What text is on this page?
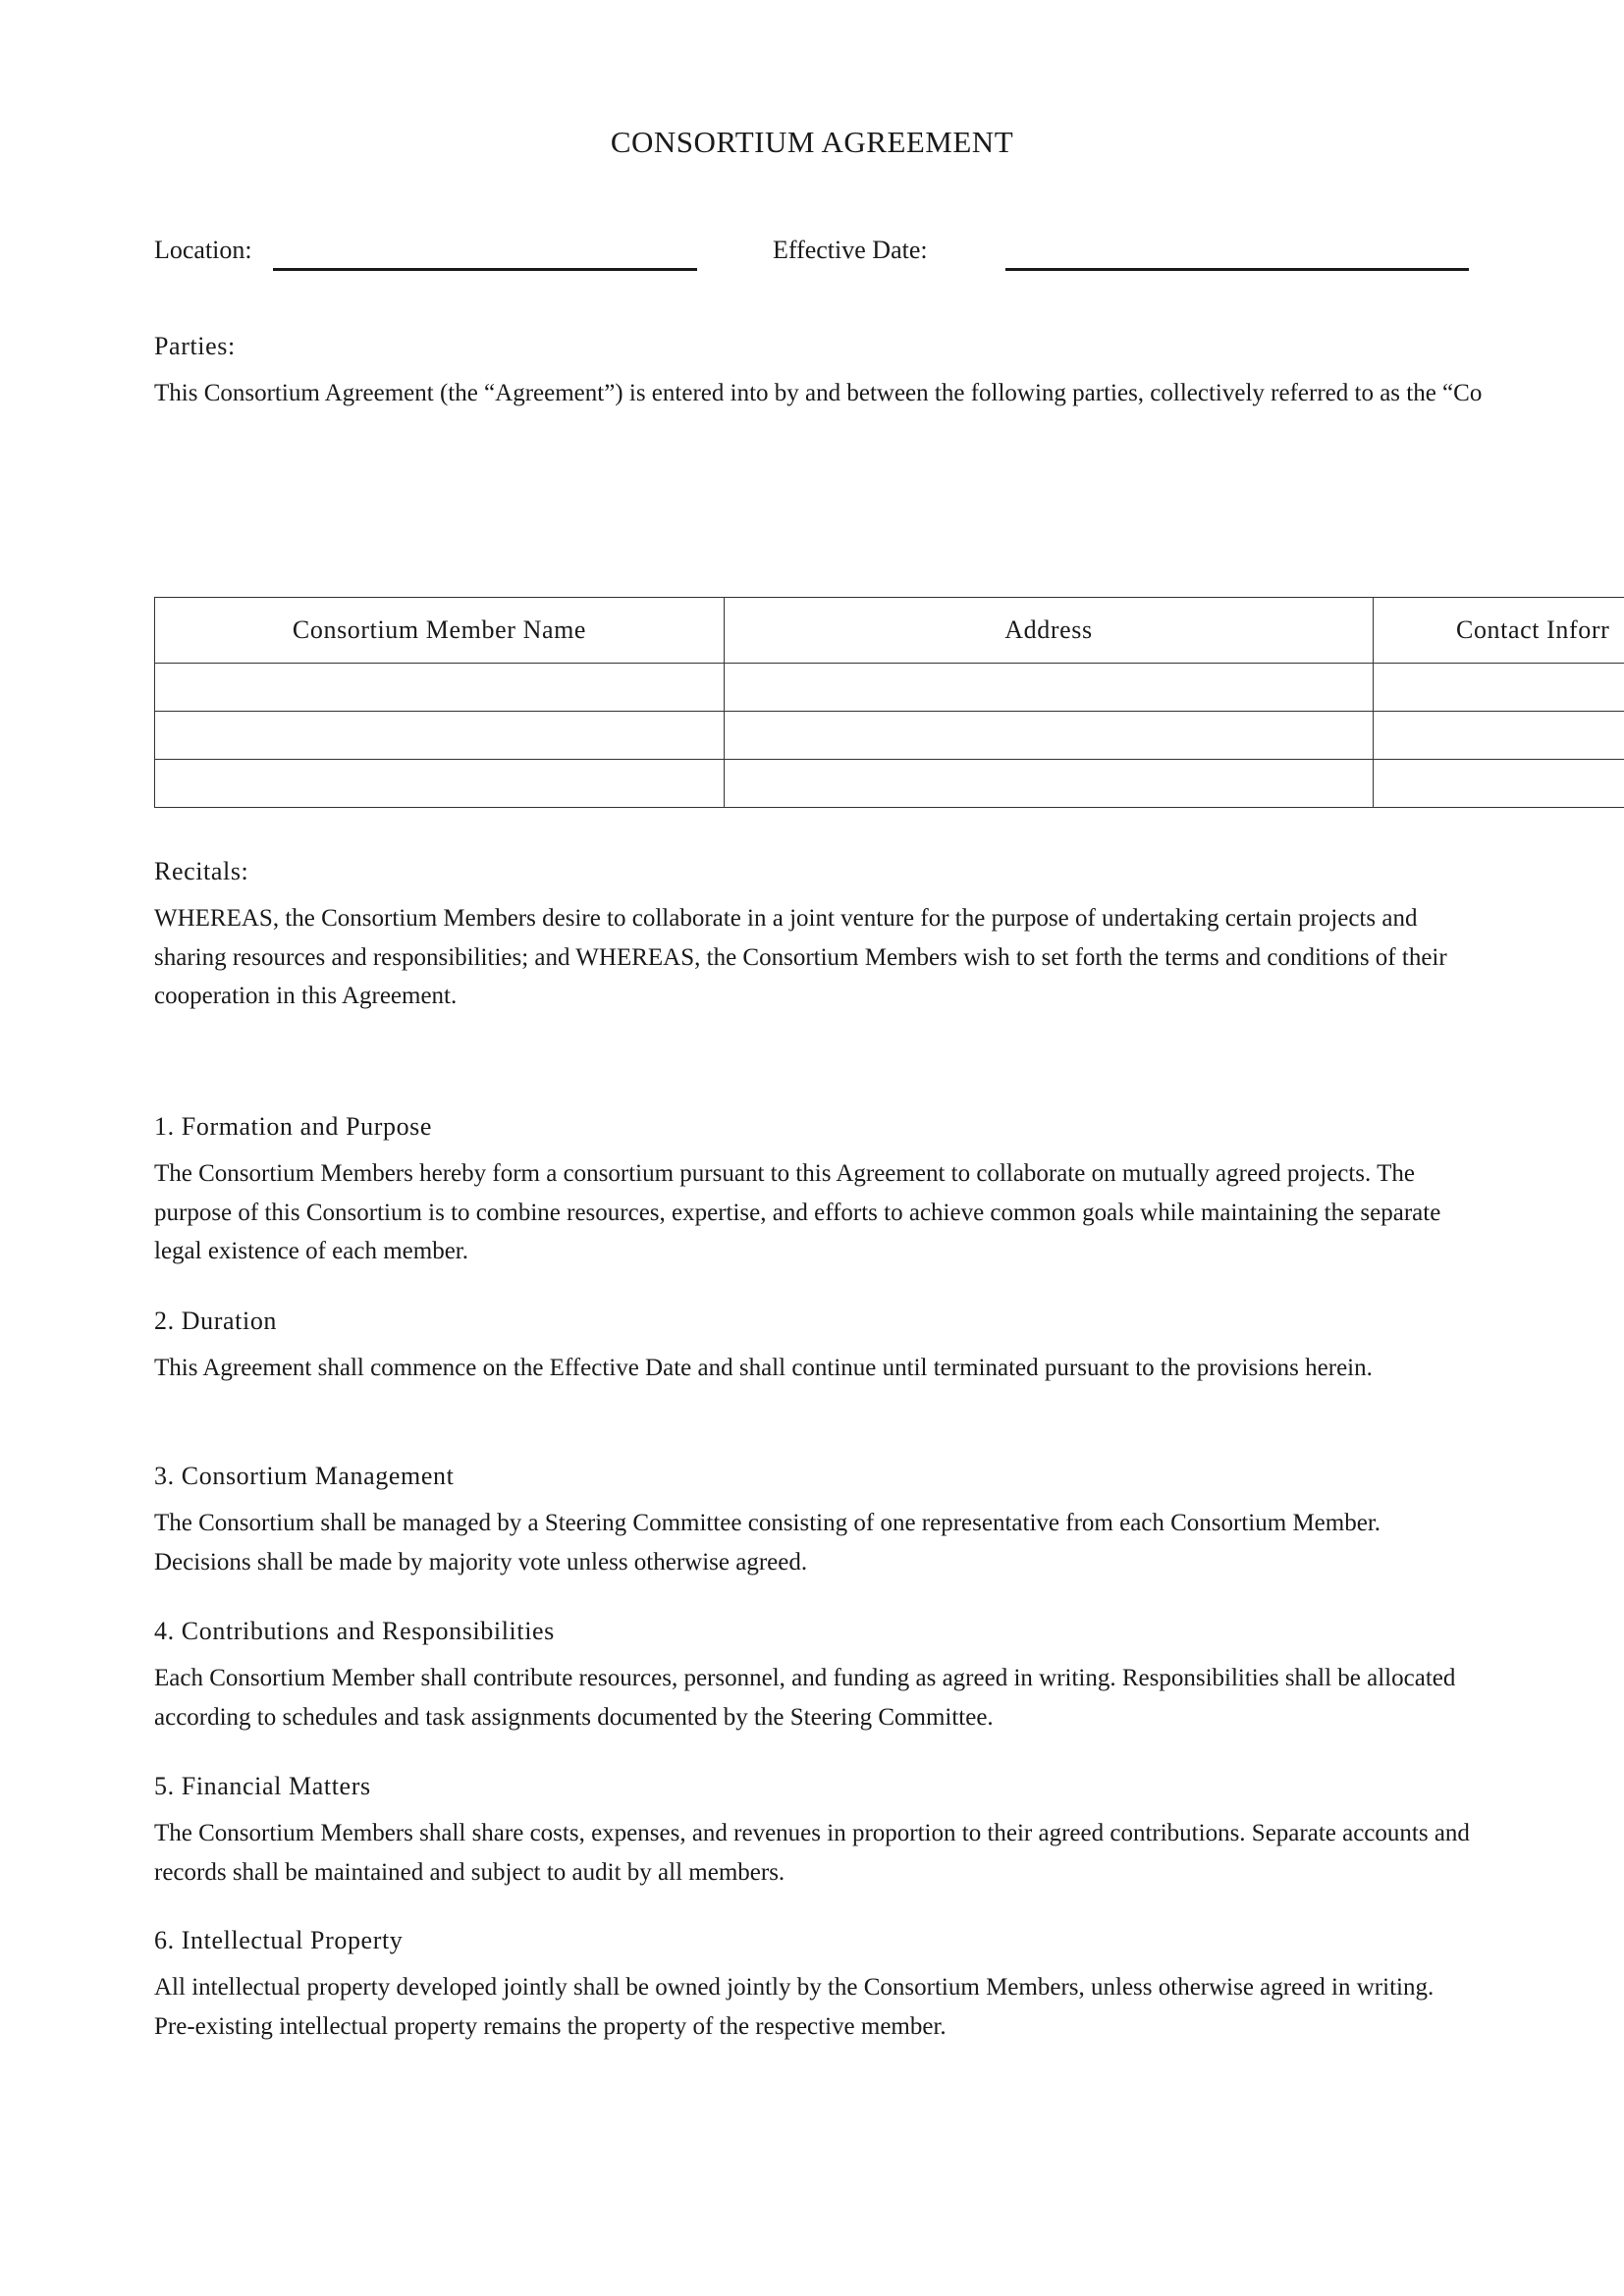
CONSORTIUM AGREEMENT
Location:	Effective Date:
Parties:

This Consortium Agreement (the “Agreement”) is entered into by and between the following parties, collectively referred to as the “Co

Consortium Member Name	Address	Contact Inforr

Recitals:

WHEREAS, the Consortium Members desire to collaborate in a joint venture for the purpose of undertaking certain projects and sharing resources and responsibilities; and WHEREAS, the Consortium Members wish to set forth the terms and conditions of their cooperation in this Agreement.

1. Formation and Purpose

The Consortium Members hereby form a consortium pursuant to this Agreement to collaborate on mutually agreed projects. The purpose of this Consortium is to combine resources, expertise, and efforts to achieve common goals while maintaining the separate legal existence of each member.

2. Duration

This Agreement shall commence on the Effective Date and shall continue until terminated pursuant to the provisions herein.

3. Consortium Management

The Consortium shall be managed by a Steering Committee consisting of one representative from each Consortium Member. Decisions shall be made by majority vote unless otherwise agreed.

4. Contributions and Responsibilities

Each Consortium Member shall contribute resources, personnel, and funding as agreed in writing. Responsibilities shall be allocated according to schedules and task assignments documented by the Steering Committee.

5. Financial Matters

The Consortium Members shall share costs, expenses, and revenues in proportion to their agreed contributions. Separate accounts and records shall be maintained and subject to audit by all members.

6. Intellectual Property

All intellectual property developed jointly shall be owned jointly by the Consortium Members, unless otherwise agreed in writing. Pre-existing intellectual property remains the property of the respective member.
